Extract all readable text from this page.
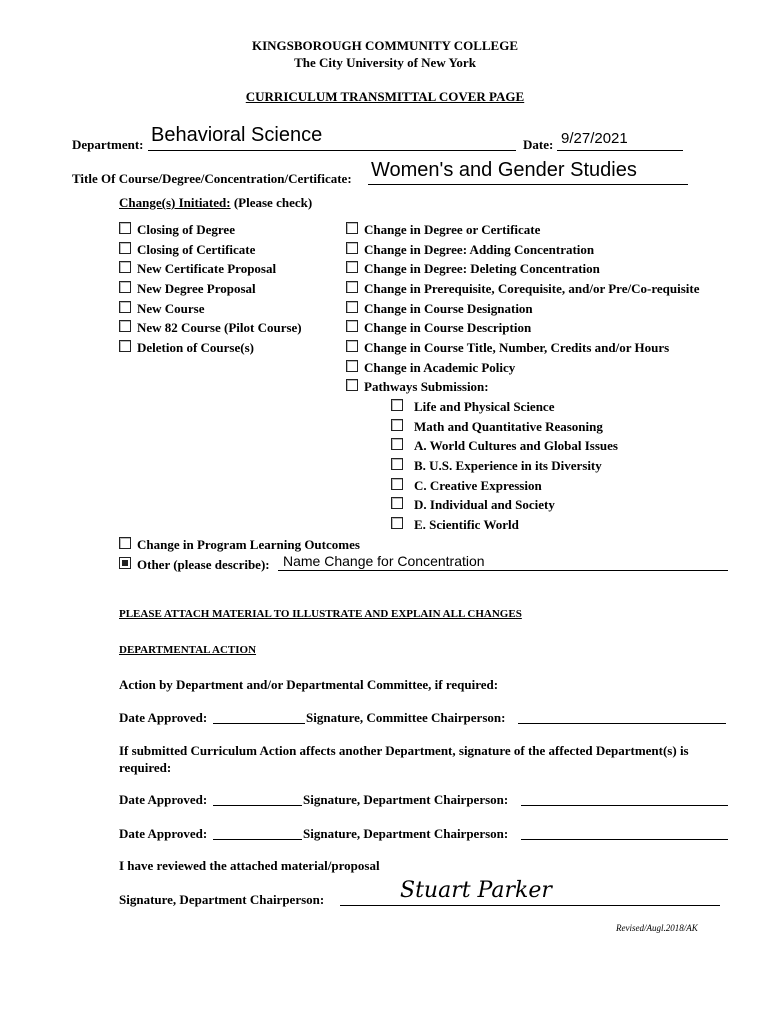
KINGSBOROUGH COMMUNITY COLLEGE
The City University of New York
CURRICULUM TRANSMITTAL COVER PAGE
Department: Behavioral Science	Date: 9/27/2021
Title Of Course/Degree/Concentration/Certificate: Women's and Gender Studies
Change(s) Initiated: (Please check)
Closing of Degree
Closing of Certificate
New Certificate Proposal
New Degree Proposal
New Course
New 82 Course (Pilot Course)
Deletion of Course(s)
Change in Degree or Certificate
Change in Degree: Adding Concentration
Change in Degree: Deleting Concentration
Change in Prerequisite, Corequisite, and/or Pre/Co-requisite
Change in Course Designation
Change in Course Description
Change in Course Title, Number, Credits and/or Hours
Change in Academic Policy
Pathways Submission:
Life and Physical Science
Math and Quantitative Reasoning
A. World Cultures and Global Issues
B. U.S. Experience in its Diversity
C. Creative Expression
D. Individual and Society
E. Scientific World
Change in Program Learning Outcomes
Other (please describe): Name Change for Concentration
PLEASE ATTACH MATERIAL TO ILLUSTRATE AND EXPLAIN ALL CHANGES
DEPARTMENTAL ACTION
Action by Department and/or Departmental Committee, if required:
Date Approved:	Signature, Committee Chairperson:
If submitted Curriculum Action affects another Department, signature of the affected Department(s) is
required:
Date Approved:	Signature, Department Chairperson:
Date Approved:	Signature, Department Chairperson:
I have reviewed the attached material/proposal
Signature, Department Chairperson:	Stuart Parker
Revised/Augl.2018/AK
